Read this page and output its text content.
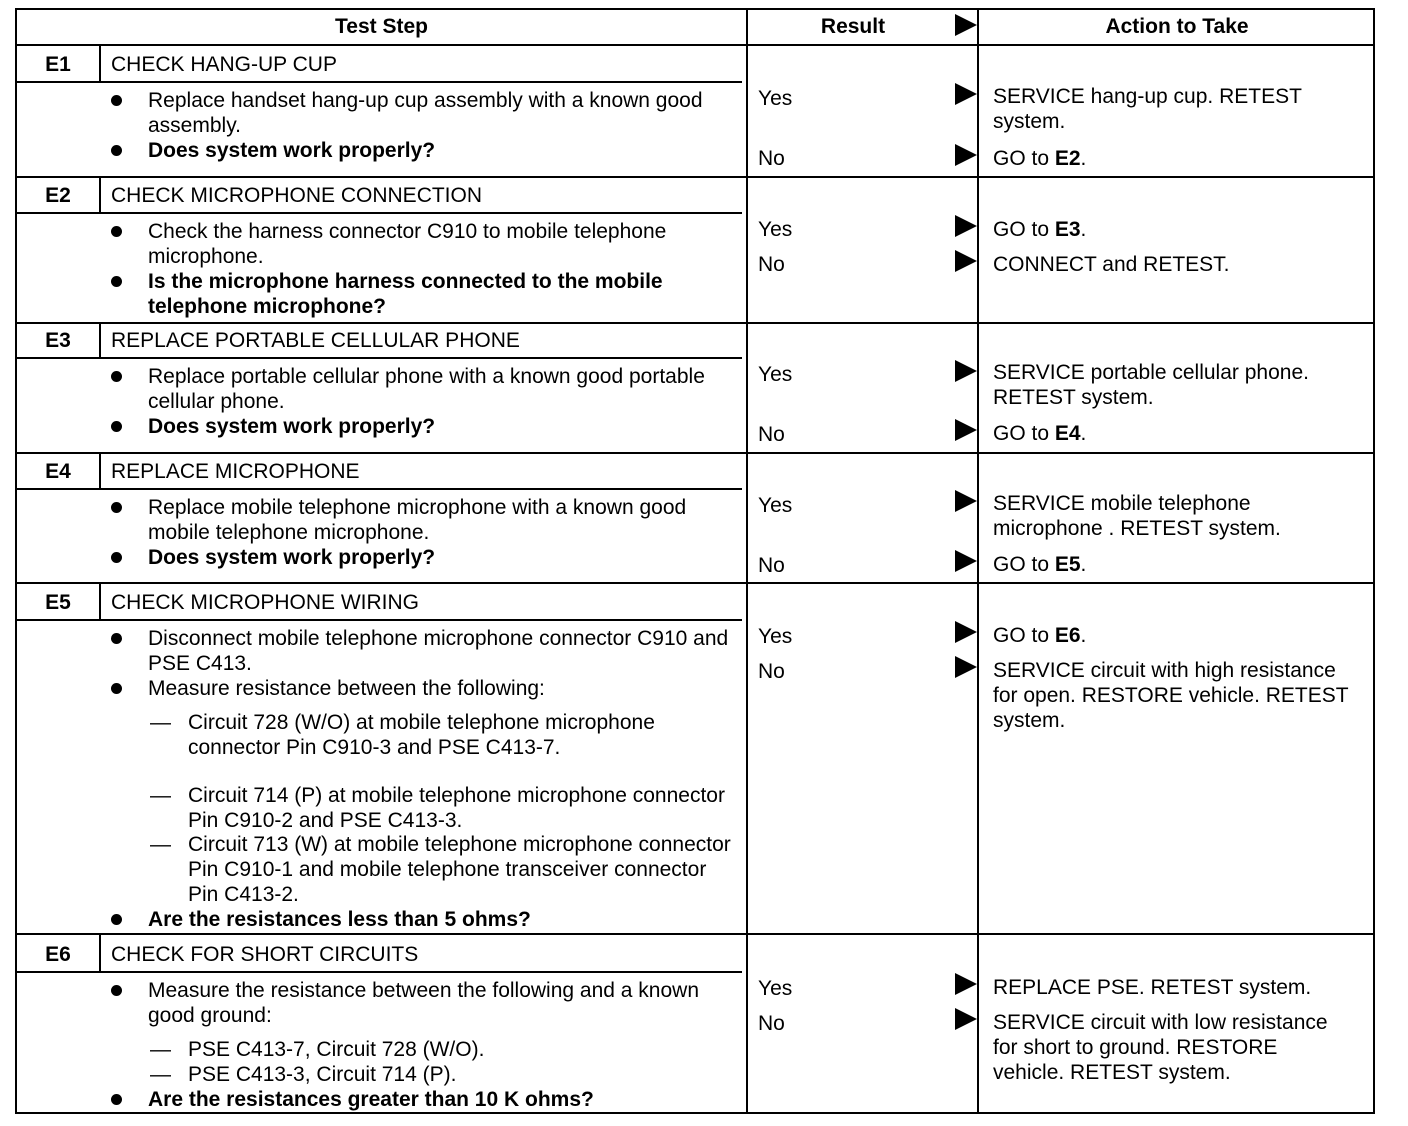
Test Step	Result	Action to Take
E1	CHECK HANG-UP CUP
Replace handset hang-up cup assembly with a known good assembly.
Does system work properly?
Yes	SERVICE hang-up cup. RETEST system.
No	GO to E2.
E2	CHECK MICROPHONE CONNECTION
Check the harness connector C910 to mobile telephone microphone.
Is the microphone harness connected to the mobile telephone microphone?
Yes	GO to E3.
No	CONNECT and RETEST.
E3	REPLACE PORTABLE CELLULAR PHONE
Replace portable cellular phone with a known good portable cellular phone.
Does system work properly?
Yes	SERVICE portable cellular phone. RETEST system.
No	GO to E4.
E4	REPLACE MICROPHONE
Replace mobile telephone microphone with a known good mobile telephone microphone.
Does system work properly?
Yes	SERVICE mobile telephone microphone . RETEST system.
No	GO to E5.
E5	CHECK MICROPHONE WIRING
Disconnect mobile telephone microphone connector C910 and PSE C413.
Measure resistance between the following:
— Circuit 728 (W/O) at mobile telephone microphone connector Pin C910-3 and PSE C413-7.
— Circuit 714 (P) at mobile telephone microphone connector Pin C910-2 and PSE C413-3.
— Circuit 713 (W) at mobile telephone microphone connector Pin C910-1 and mobile telephone transceiver connector Pin C413-2.
Are the resistances less than 5 ohms?
Yes	GO to E6.
No	SERVICE circuit with high resistance for open. RESTORE vehicle. RETEST system.
E6	CHECK FOR SHORT CIRCUITS
Measure the resistance between the following and a known good ground:
— PSE C413-7, Circuit 728 (W/O).
— PSE C413-3, Circuit 714 (P).
Are the resistances greater than 10 K ohms?
Yes	REPLACE PSE. RETEST system.
No	SERVICE circuit with low resistance for short to ground. RESTORE vehicle. RETEST system.
